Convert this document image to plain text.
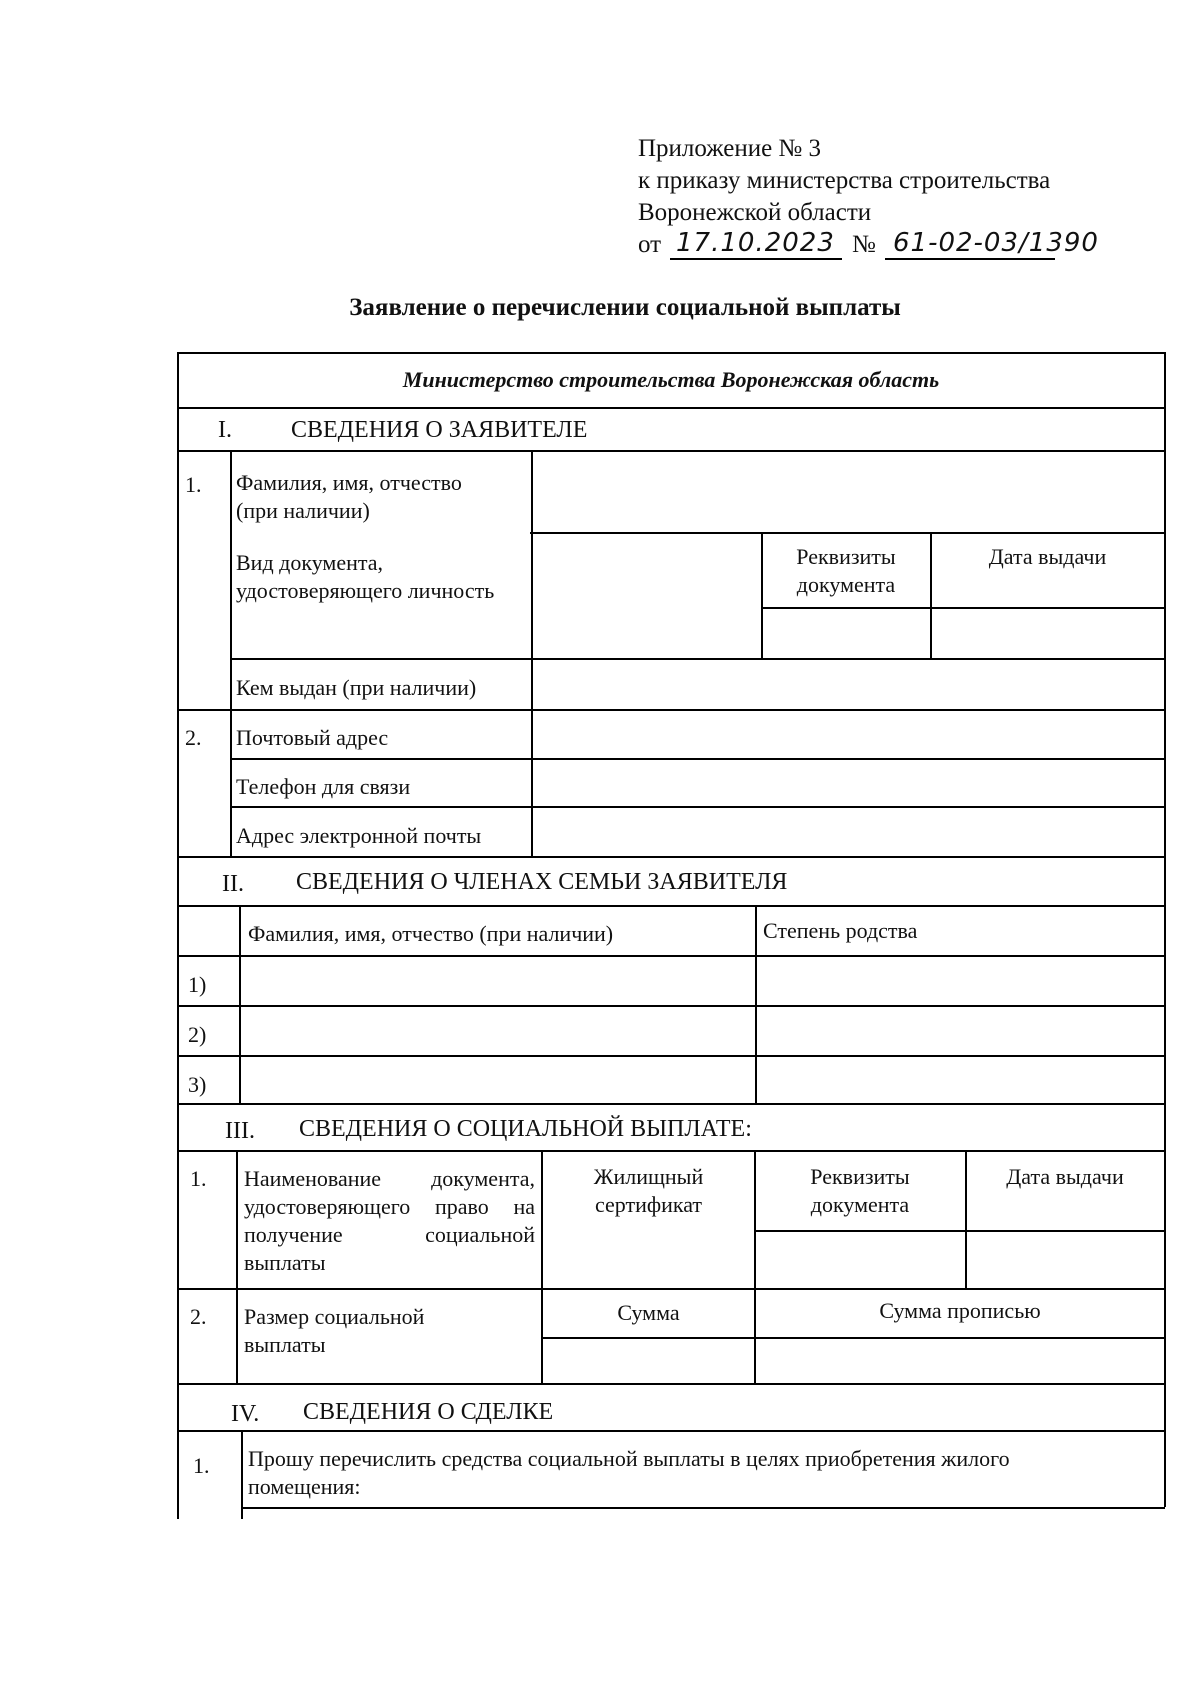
Приложение № 3
к приказу министерства строительства
Воронежской области
от 17.10.2023 № 61-02-03/1390
Заявление о перечислении социальной выплаты
Министерство строительства Воронежская область
I. СВЕДЕНИЯ О ЗАЯВИТЕЛЕ
1. Фамилия, имя, отчество
(при наличии)
Вид документа,
удостоверяющего личность
Реквизиты
документа
Дата выдачи
Кем выдан (при наличии)
2. Почтовый адрес
Телефон для связи
Адрес электронной почты
II. СВЕДЕНИЯ О ЧЛЕНАХ СЕМЬИ ЗАЯВИТЕЛЯ
Фамилия, имя, отчество (при наличии)	Степень родства
1)
2)
3)
III. СВЕДЕНИЯ О СОЦИАЛЬНОЙ ВЫПЛАТЕ:
1. Наименование документа,
удостоверяющего право на
получение социальной
выплаты
Жилищный
сертификат
Реквизиты
документа
Дата выдачи
2. Размер социальной
выплаты
Сумма	Сумма прописью
IV. СВЕДЕНИЯ О СДЕЛКЕ
1. Прошу перечислить средства социальной выплаты в целях приобретения жилого
помещения:
